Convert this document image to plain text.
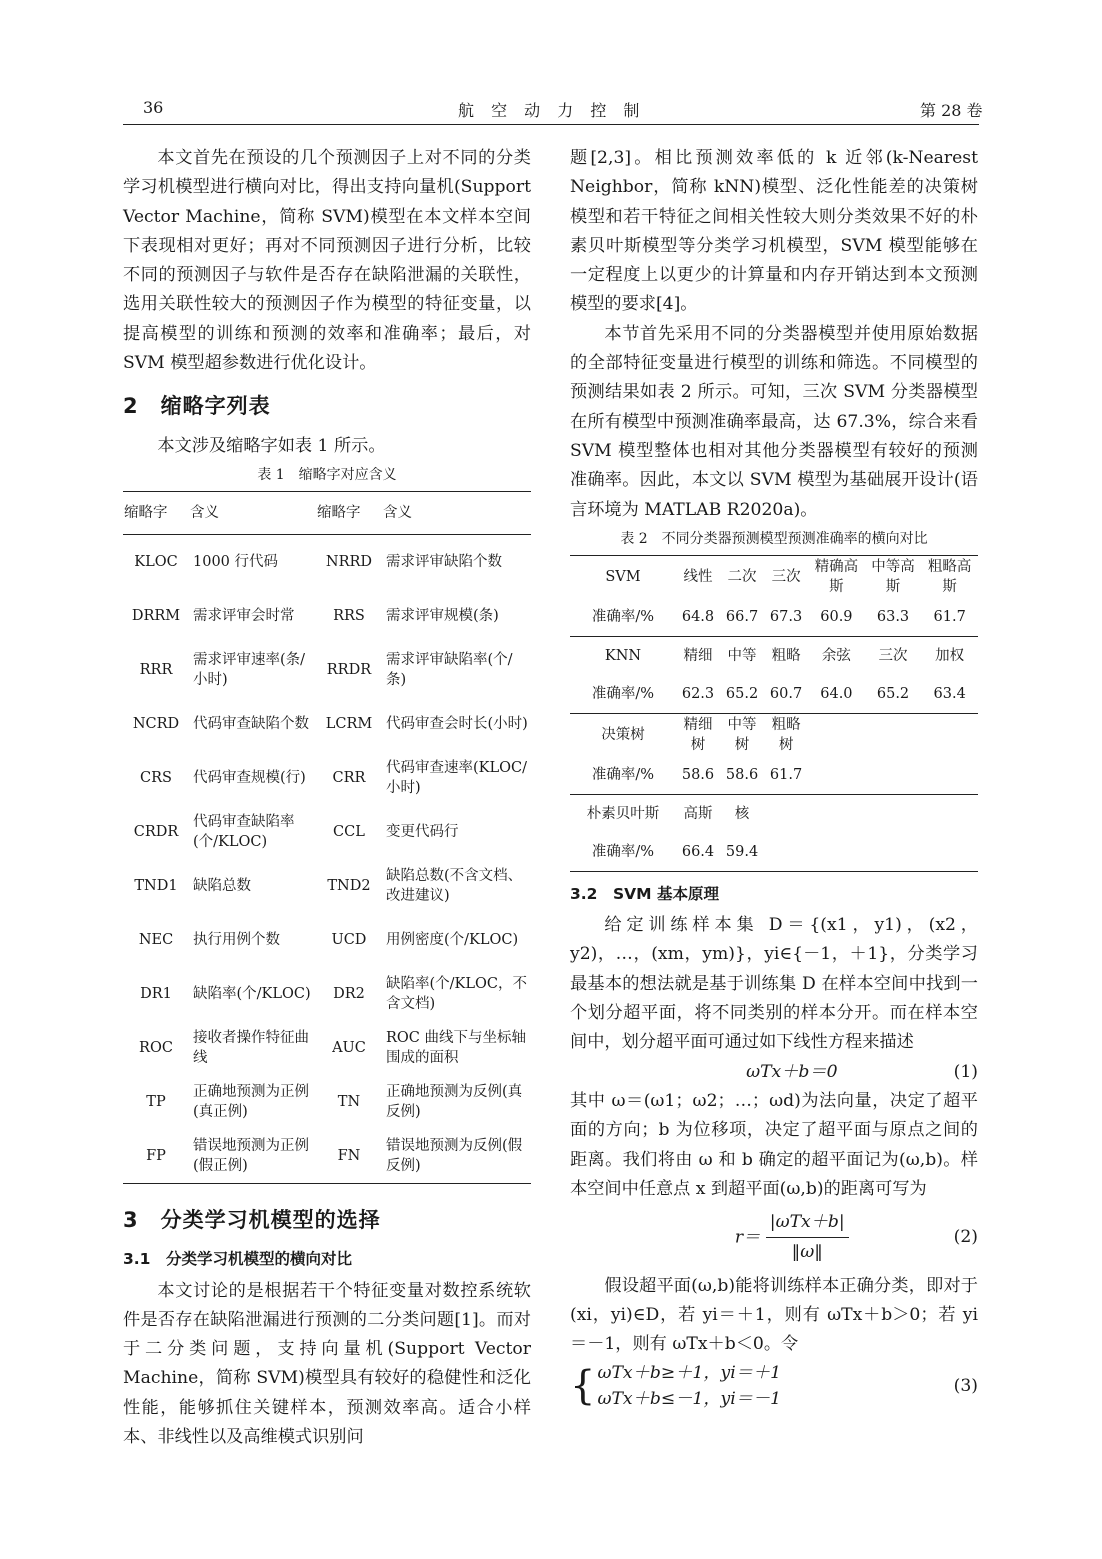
36	航 空 动 力 控 制	第 28 卷

本文首先在预设的几个预测因子上对不同的分类学习机模型进行横向对比，得出支持向量机(Support Vector Machine，简称 SVM)模型在本文样本空间下表现相对更好；再对不同预测因子进行分析，比较不同的预测因子与软件是否存在缺陷泄漏的关联性，选用关联性较大的预测因子作为模型的特征变量，以提高模型的训练和预测的效率和准确率；最后，对 SVM 模型超参数进行优化设计。

2　缩略字列表

本文涉及缩略字如表 1 所示。

表 1　缩略字对应含义
缩略字	含义	缩略字	含义
KLOC	1000 行代码	NRRD	需求评审缺陷个数
DRRM	需求评审会时常	RRS	需求评审规模(条)
RRR	需求评审速率(条/小时)	RRDR	需求评审缺陷率(个/条)
NCRD	代码审查缺陷个数	LCRM	代码审查会时长(小时)
CRS	代码审查规模(行)	CRR	代码审查速率(KLOC/小时)
CRDR	代码审查缺陷率(个/KLOC)	CCL	变更代码行
TND1	缺陷总数	TND2	缺陷总数(不含文档、改进建议)
NEC	执行用例个数	UCD	用例密度(个/KLOC)
DR1	缺陷率(个/KLOC)	DR2	缺陷率(个/KLOC，不含文档)
ROC	接收者操作特征曲线	AUC	ROC 曲线下与坐标轴围成的面积
TP	正确地预测为正例(真正例)	TN	正确地预测为反例(真反例)
FP	错误地预测为正例(假正例)	FN	错误地预测为反例(假反例)
3　分类学习机模型的选择
3.1　分类学习机模型的横向对比

本文讨论的是根据若干个特征变量对数控系统软件是否存在缺陷泄漏进行预测的二分类问题[1]。而对于二分类问题，支持向量机(Support Vector Machine，简称 SVM)模型具有较好的稳健性和泛化性能，能够抓住关键样本，预测效率高。适合小样本、非线性以及高维模式识别问

题[2,3]。相比预测效率低的 k 近邻(k-Nearest Neighbor，简称 kNN)模型、泛化性能差的决策树模型和若干特征之间相关性较大则分类效果不好的朴素贝叶斯模型等分类学习机模型，SVM 模型能够在一定程度上以更少的计算量和内存开销达到本文预测模型的要求[4]。

本节首先采用不同的分类器模型并使用原始数据的全部特征变量进行模型的训练和筛选。不同模型的预测结果如表 2 所示。可知，三次 SVM 分类器模型在所有模型中预测准确率最高，达 67.3%，综合来看 SVM 模型整体也相对其他分类器模型有较好的预测准确率。因此，本文以 SVM 模型为基础展开设计(语言环境为 MATLAB R2020a)。

表 2　不同分类器预测模型预测准确率的横向对比
SVM	线性	二次	三次	精确高斯	中等高斯	粗略高斯
准确率/%	64.8	66.7	67.3	60.9	63.3	61.7
KNN	精细	中等	粗略	余弦	三次	加权
准确率/%	62.3	65.2	60.7	64.0	65.2	63.4
决策树	精细树	中等树	粗略树			
准确率/%	58.6	58.6	61.7			
朴素贝叶斯	高斯	核				
准确率/%	66.4	59.4				
3.2　SVM 基本原理

给定训练样本集 D＝{(x1，y1)，(x2，y2)，…，(xm，ym)}，yi∈{－1，＋1}，分类学习最基本的想法就是基于训练集 D 在样本空间中找到一个划分超平面，将不同类别的样本分开。而在样本空间中，划分超平面可通过如下线性方程来描述

ωTx＋b＝0	(1)

其中 ω＝(ω1；ω2；…；ωd)为法向量，决定了超平面的方向；b 为位移项，决定了超平面与原点之间的距离。我们将由 ω 和 b 确定的超平面记为(ω,b)。样本空间中任意点 x 到超平面(ω,b)的距离可写为

$r= \frac{\text{|ωTx＋b|}}{‖\omega‖}$	(2)

假设超平面(ω,b)能将训练样本正确分类，即对于(xi，yi)∈D，若 yi＝＋1，则有 ωTx＋b＞0；若 yi＝－1，则有 ωTx＋b＜0。令

{ ωTx＋b≥＋1，yi＝＋1
ωTx＋b≤－1，yi＝－1
(3)
